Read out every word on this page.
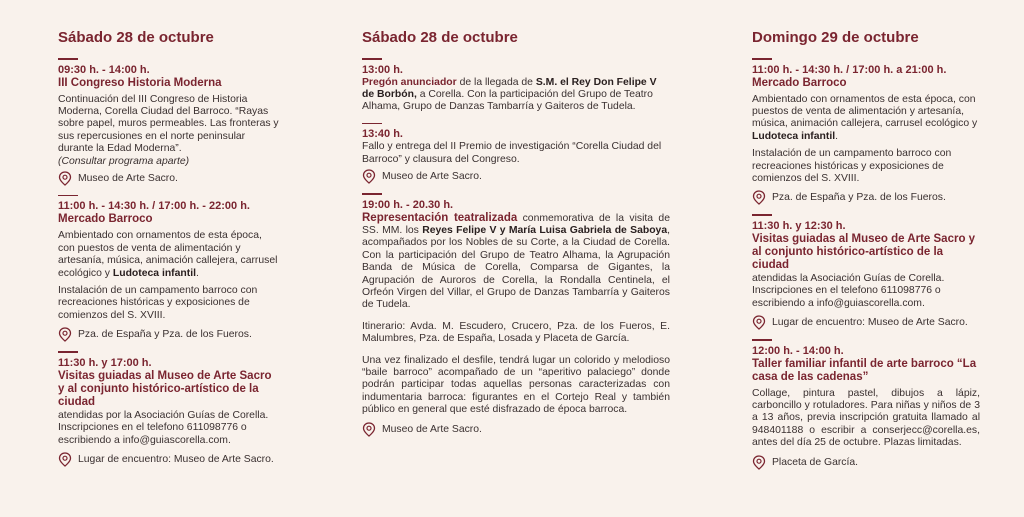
Sábado 28 de octubre
09:30 h. - 14:00 h.
III Congreso Historia Moderna
Continuación del III Congreso de Historia Moderna, Corella Ciudad del Barroco. “Rayas sobre papel, muros permeables. Las fronteras y sus repercusiones en el norte peninsular durante la Edad Moderna”.
(Consultar programa aparte)
Museo de Arte Sacro.
11:00 h. - 14:30 h. / 17:00 h. - 22:00 h.
Mercado Barroco
Ambientado con ornamentos de esta época, con puestos de venta de alimentación y artesanía, música, animación callejera, carrusel ecológico y Ludoteca infantil.
Instalación de un campamento barroco con recreaciones históricas y exposiciones de comienzos del S. XVIII.
Pza. de España y Pza. de los Fueros.
11:30 h. y 17:00 h.
Visitas guiadas al Museo de Arte Sacro y al conjunto histórico-artístico de la ciudad
atendidas por la Asociación Guías de Corella. Inscripciones en el telefono 611098776 o escribiendo a info@guiascorella.com.
Lugar de encuentro: Museo de Arte Sacro.
Sábado 28 de octubre
13:00 h.
Pregón anunciador de la llegada de S.M. el Rey Don Felipe V de Borbón, a Corella. Con la participación del Grupo de Teatro Alhama, Grupo de Danzas Tambarría y Gaiteros de Tudela.
13:40 h.
Fallo y entrega del II Premio de investigación “Corella Ciudad del Barroco” y clausura del Congreso.
Museo de Arte Sacro.
19:00 h. - 20.30 h.
Representación teatralizada conmemorativa de la visita de SS. MM. los Reyes Felipe V y María Luisa Gabriela de Saboya, acompañados por los Nobles de su Corte, a la Ciudad de Corella. Con la participación del Grupo de Teatro Alhama, la Agrupación Banda de Música de Corella, Comparsa de Gigantes, la Agrupación de Auroros de Corella, la Rondalla Centinela, el Orfeón Virgen del Villar, el Grupo de Danzas Tambarría y Gaiteros de Tudela.
Itinerario: Avda. M. Escudero, Crucero, Pza. de los Fueros, E. Malumbres, Pza. de España, Losada y Placeta de García.
Una vez finalizado el desfile, tendrá lugar un colorido y melodioso “baile barroco” acompañado de un “aperitivo palaciego” donde podrán participar todas aquellas personas caracterizadas con indumentaria barroca: figurantes en el Cortejo Real y también público en general que esté disfrazado de época barroca.
Museo de Arte Sacro.
Domingo 29 de octubre
11:00 h. - 14:30 h. / 17:00 h. a 21:00 h.
Mercado Barroco
Ambientado con ornamentos de esta época, con puestos de venta de alimentación y artesanía, música, animación callejera, carrusel ecológico y Ludoteca infantil.
Instalación de un campamento barroco con recreaciones históricas y exposiciones de comienzos del S. XVIII.
Pza. de España y Pza. de los Fueros.
11:30 h. y 12:30 h.
Visitas guiadas al Museo de Arte Sacro y al conjunto histórico-artístico de la ciudad
atendidas la Asociación Guías de Corella. Inscripciones en el telefono 611098776 o escribiendo a info@guiascorella.com.
Lugar de encuentro: Museo de Arte Sacro.
12:00 h. - 14:00 h.
Taller familiar infantil de arte barroco “La casa de las cadenas”
Collage, pintura pastel, dibujos a lápiz, carboncillo y rotuladores. Para niñas y niños de 3 a 13 años, previa inscripción gratuita llamado al 948401188 o escribir a conserjecc@corella.es, antes del día 25 de octubre. Plazas limitadas.
Placeta de García.
